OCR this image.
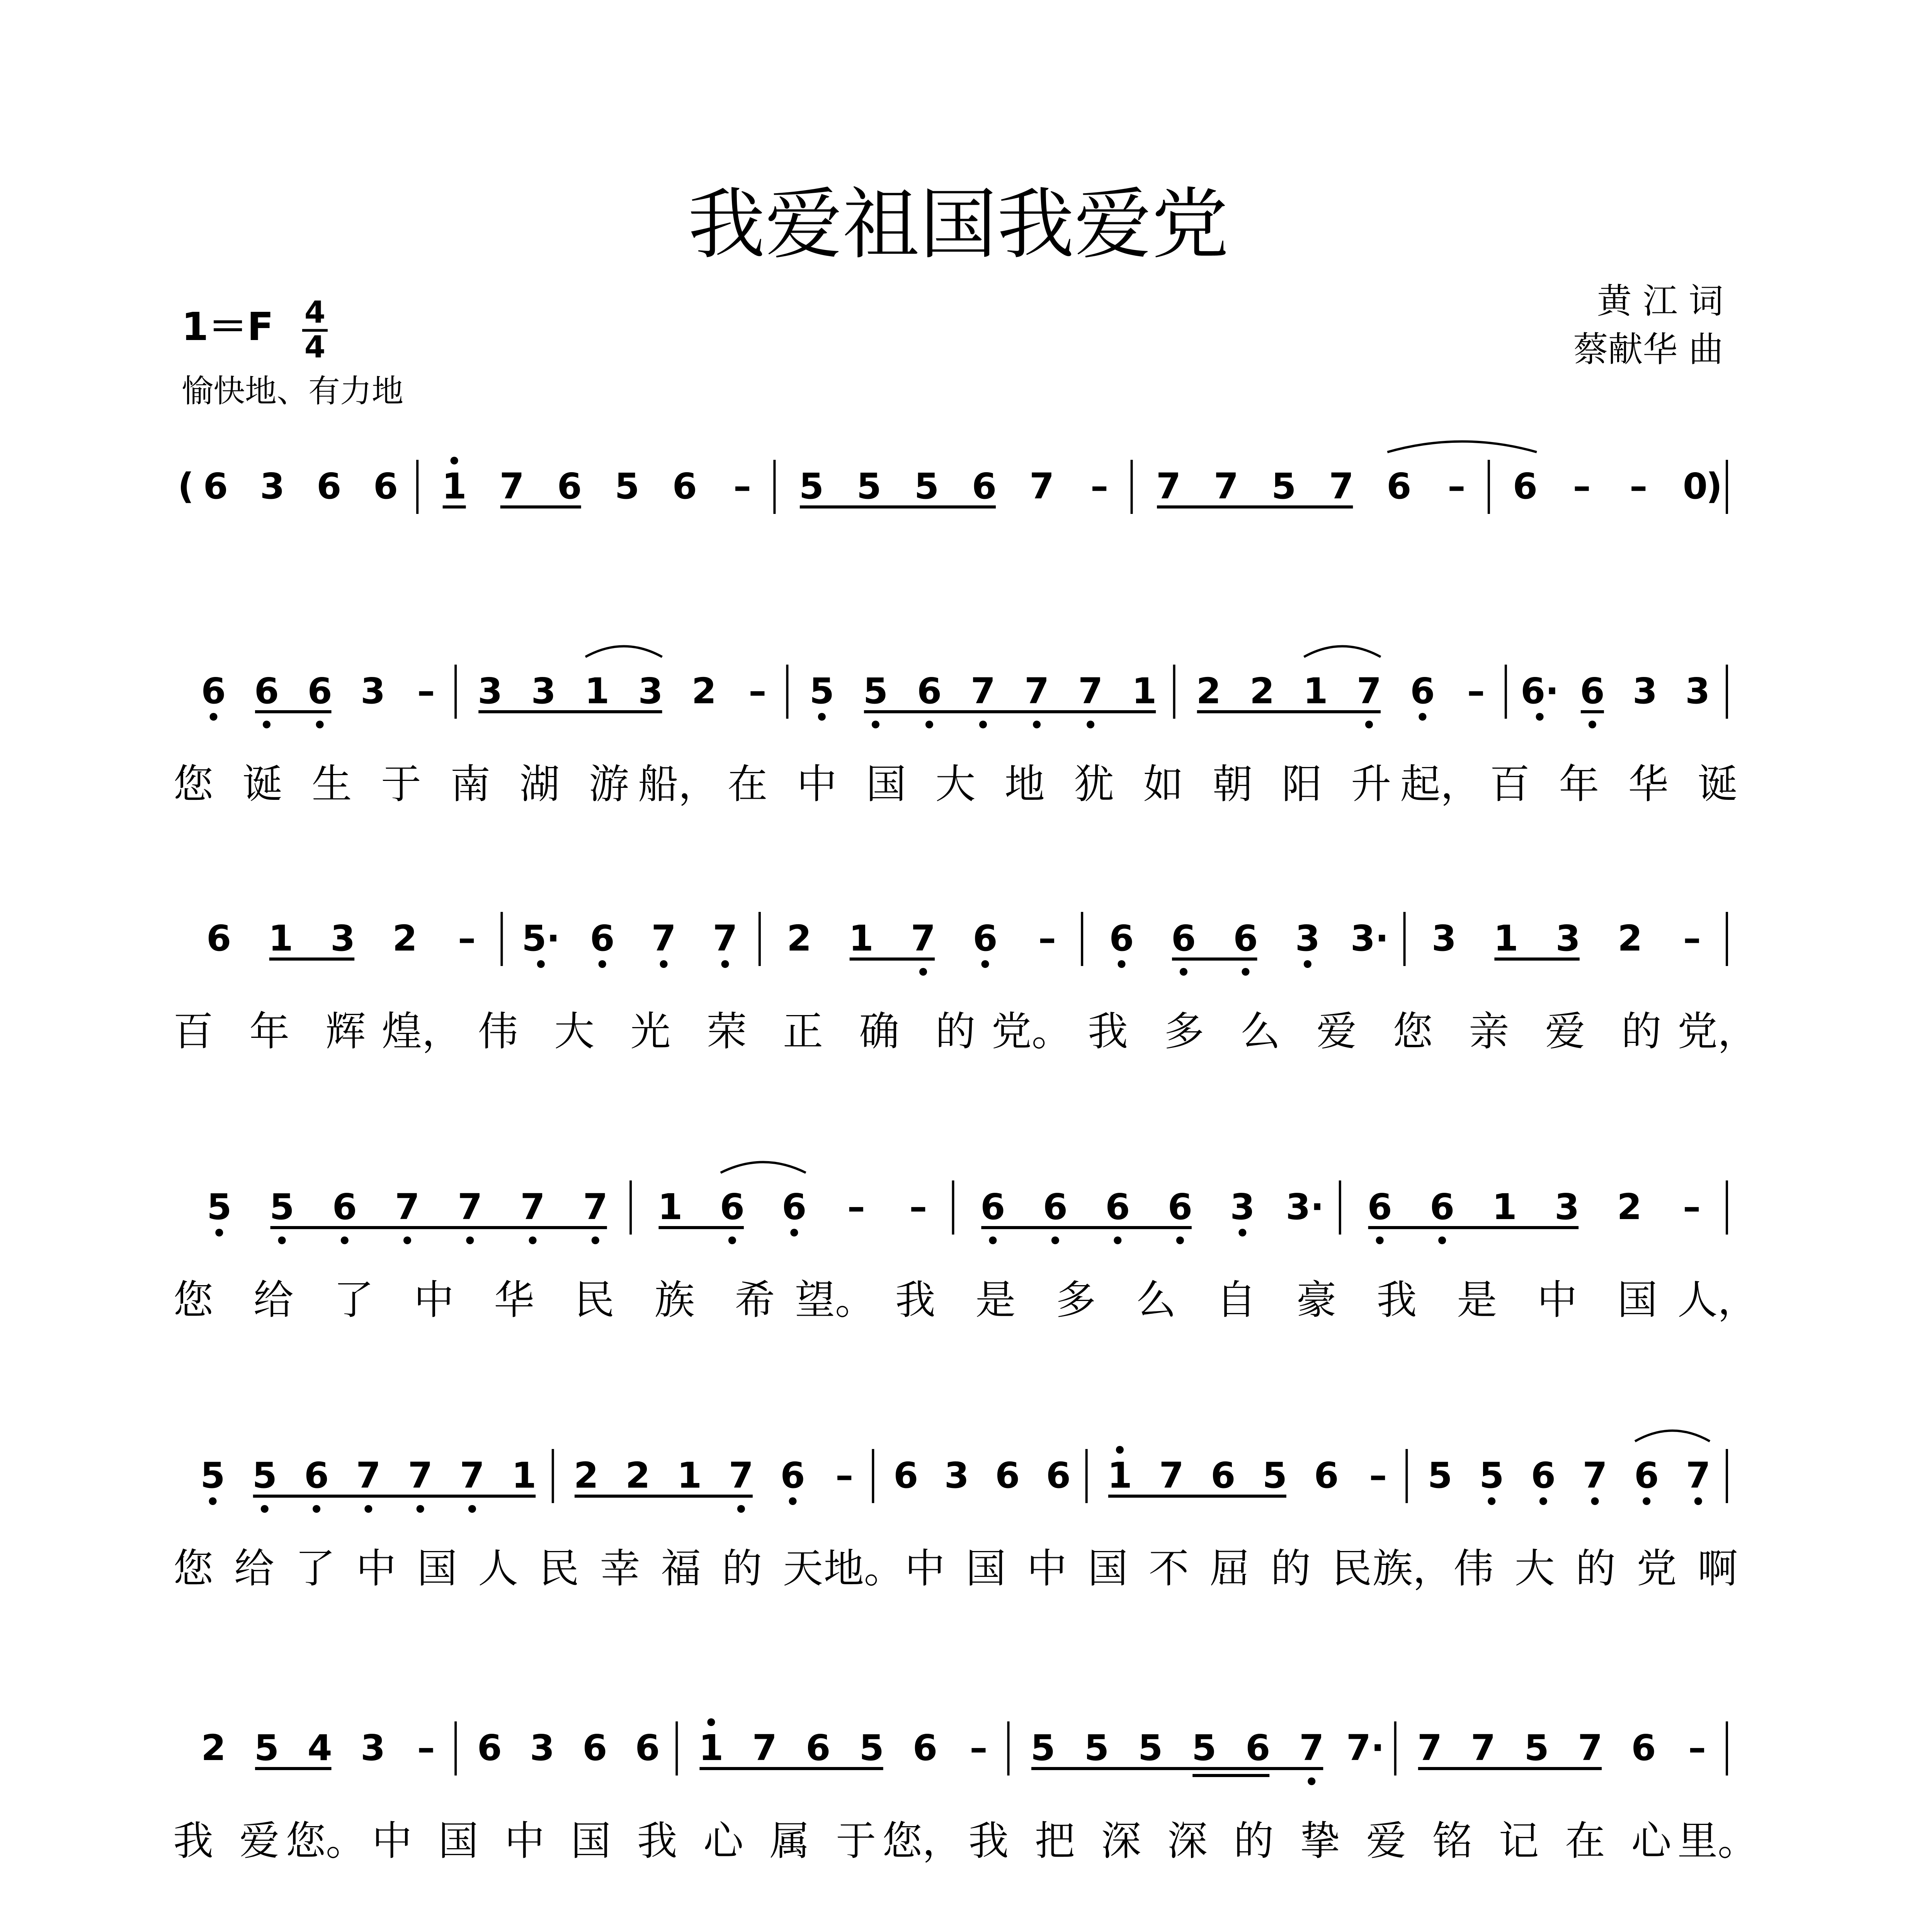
我爱祖国我爱党
1＝F 4
4
愉快地、有力地
黄 江 词
蔡献华 曲
( 6 3 6 6 1 7 6 5 6 – 5 5 5 6 7 – 7 7 5 7 6 – 6 – – 0
)
6 6 6 3 – 3 3 1 3 2 – 5 5 6 7 7 7 1 2 2 1 7 6 – 6· 6 3 3
您 诞 生 于 南 湖 游 船， 在 中 国 大 地 犹 如 朝 阳 升 起， 百 年 华 诞
6 1 3 2 – 5· 6 7 7 2 1 7 6 – 6 6 6 3 3· 3 1 3 2 –
百 年 辉 煌， 伟 大 光 荣 正 确 的 党。 我 多 么 爱 您 亲 爱 的 党，
5 5 6 7 7 7 7 1 6 6 – – 6 6 6 6 3 3· 6 6 1 3 2 –
您 给 了 中 华 民 族 希 望。 我 是 多 么 自 豪 我 是 中 国 人，
5 5 6 7 7 7 1 2 2 1 7 6 – 6 3 6 6 1 7 6 5 6 – 5 5 6 7 6 7
您 给 了 中 国 人 民 幸 福 的 天 地。 中 国 中 国 不 屈 的 民 族， 伟 大 的 党 啊
2 5 4 3 – 6 3 6 6 1 7 6 5 6 – 5 5 5 5 6 7 7· 7 7 5 7 6 –
我 爱 您。 中 国 中 国 我 心 属 于 您， 我 把 深 深 的 挚 爱 铭 记 在 心 里。
